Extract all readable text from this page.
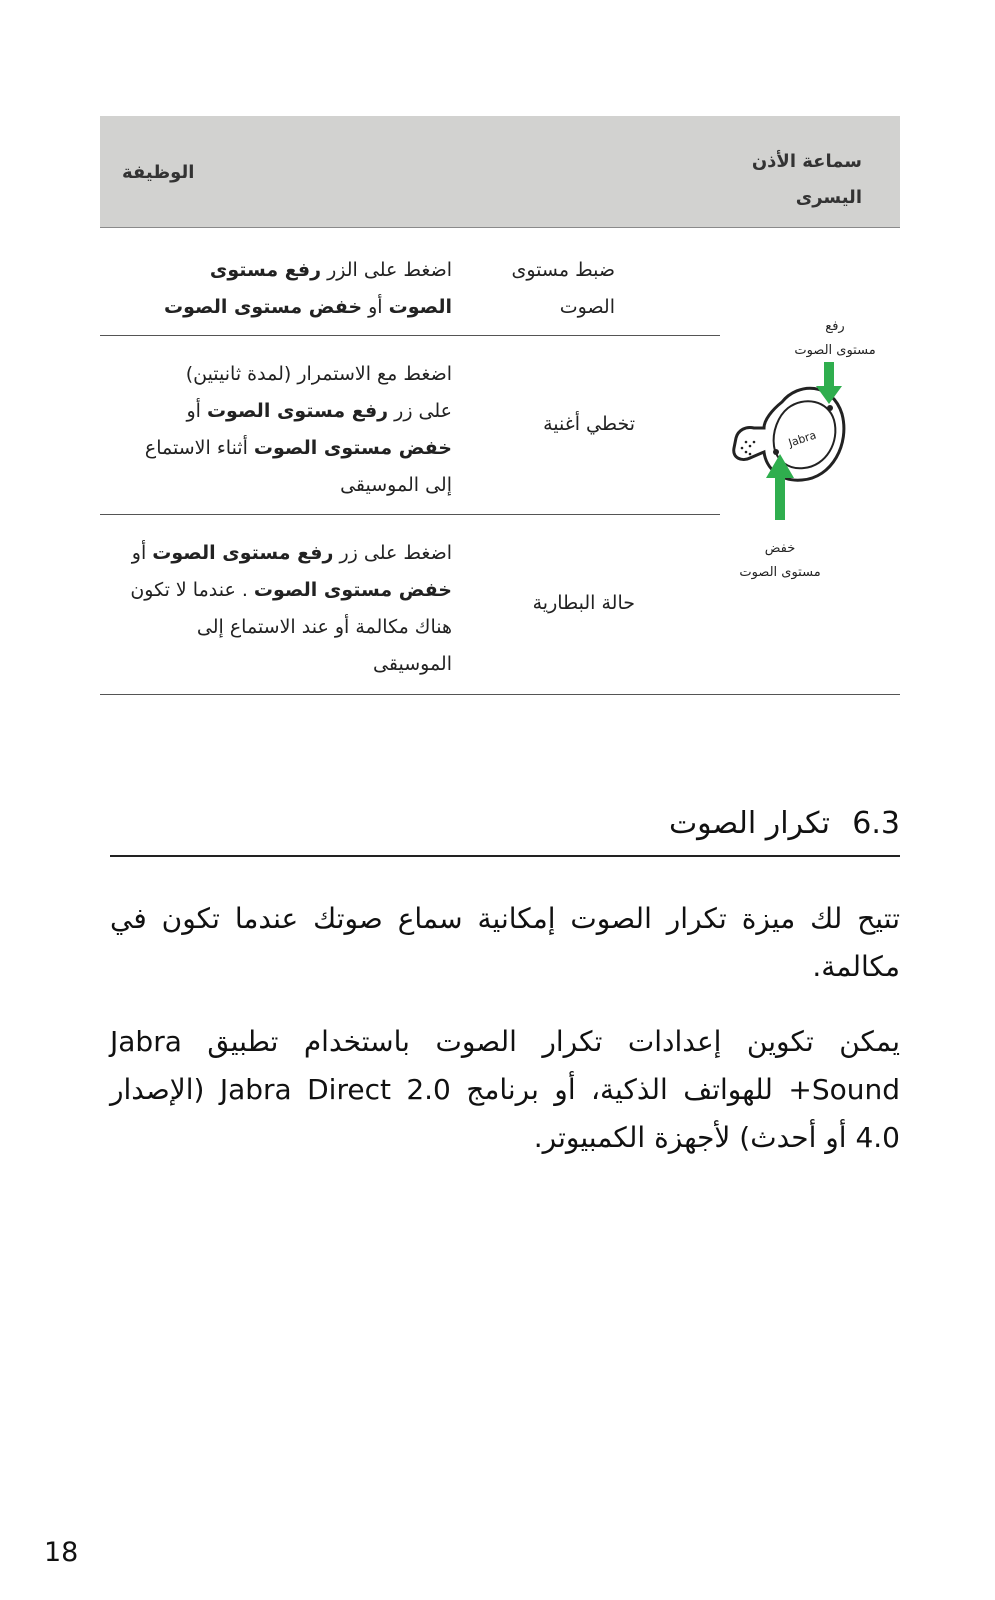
الوظيفة
سماعة الأذن اليسرى
اضغط على الزر رفع مستوى
الصوت أو خفض مستوى الصوت
ضبط مستوى الصوت
اضغط مع الاستمرار (لمدة ثانيتين)
على زر رفع مستوى الصوت أو
خفض مستوى الصوت أثناء الاستماع إلى الموسيقى
تخطي أغنية
اضغط على زر رفع مستوى الصوت أو خفض مستوى الصوت . عندما لا تكون هناك مكالمة أو عند الاستماع إلى الموسيقى
حالة البطارية
رفع
مستوى الصوت
خفض
مستوى الصوت
Jabra
6.3
تكرار الصوت
تتيح لك ميزة تكرار الصوت إمكانية سماع صوتك عندما تكون في مكالمة.
يمكن تكوين إعدادات تكرار الصوت باستخدام تطبيق Jabra Sound+ للهواتف الذكية، أو برنامج Jabra Direct 2.0 (الإصدار 4.0 أو أحدث) لأجهزة الكمبيوتر.
18
